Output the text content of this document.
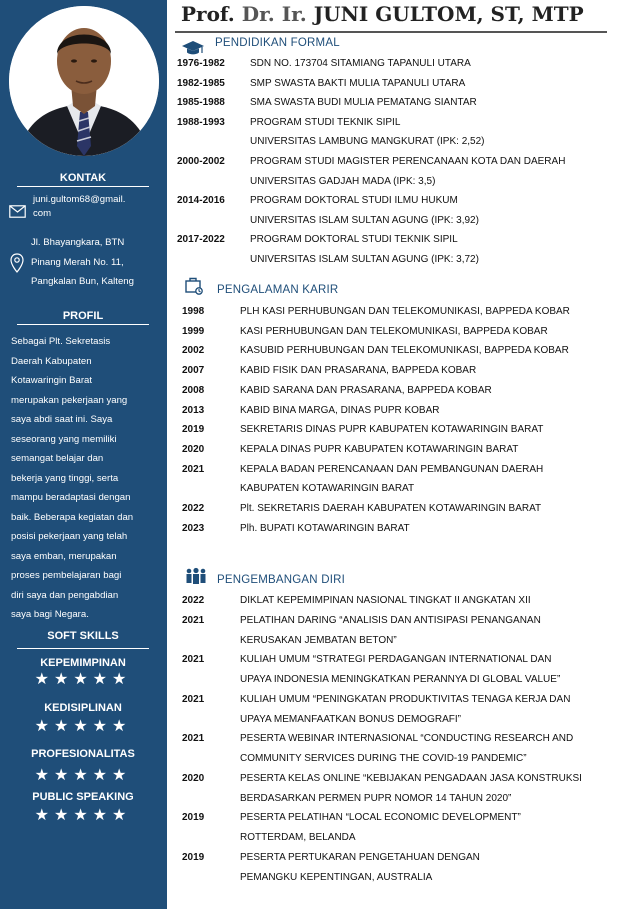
KONTAK
juni.gultom68@gmail.
com
Jl. Bhayangkara, BTN
Pinang Merah No. 11,
Pangkalan Bun, Kalteng
PROFIL
Sebagai Plt. Sekretasis
Daerah Kabupaten
Kotawaringin Barat
merupakan pekerjaan yang
saya abdi saat ini. Saya
seseorang yang memiliki
semangat belajar dan
bekerja yang tinggi, serta
mampu beradaptasi dengan
baik. Beberapa kegiatan dan
posisi pekerjaan yang telah
saya emban, merupakan
proses pembelajaran bagi
diri saya dan pengabdian
saya bagi Negara.
SOFT SKILLS
KEPEMIMPINAN
★★★★★
KEDISIPLINAN
★★★★★
PROFESIONALITAS
★★★★★
PUBLIC SPEAKING
★★★★★
Prof. Dr. Ir. JUNI GULTOM, ST, MTP
PENDIDIKAN FORMAL
1976-1982	SDN NO. 173704 SITAMIANG TAPANULI UTARA
1982-1985	SMP SWASTA BAKTI MULIA TAPANULI UTARA
1985-1988	SMA SWASTA BUDI MULIA PEMATANG SIANTAR
1988-1993	PROGRAM STUDI TEKNIK SIPIL
UNIVERSITAS LAMBUNG MANGKURAT (IPK: 2,52)
2000-2002	PROGRAM STUDI MAGISTER PERENCANAAN KOTA DAN DAERAH
UNIVERSITAS GADJAH MADA (IPK: 3,5)
2014-2016	PROGRAM DOKTORAL STUDI ILMU HUKUM
UNIVERSITAS ISLAM SULTAN AGUNG (IPK: 3,92)
2017-2022	PROGRAM DOKTORAL STUDI TEKNIK SIPIL
UNIVERSITAS ISLAM SULTAN AGUNG (IPK: 3,72)
PENGALAMAN KARIR
1998	PLH KASI PERHUBUNGAN DAN TELEKOMUNIKASI, BAPPEDA KOBAR
1999	KASI PERHUBUNGAN DAN TELEKOMUNIKASI, BAPPEDA KOBAR
2002	KASUBID PERHUBUNGAN DAN TELEKOMUNIKASI, BAPPEDA KOBAR
2007	KABID FISIK DAN PRASARANA, BAPPEDA KOBAR
2008	KABID SARANA DAN PRASARANA, BAPPEDA KOBAR
2013	KABID BINA MARGA, DINAS PUPR KOBAR
2019	SEKRETARIS DINAS PUPR KABUPATEN KOTAWARINGIN BARAT
2020	KEPALA DINAS PUPR KABUPATEN KOTAWARINGIN BARAT
2021	KEPALA BADAN PERENCANAAN DAN PEMBANGUNAN DAERAH
KABUPATEN KOTAWARINGIN BARAT
2022	Plt. SEKRETARIS DAERAH KABUPATEN KOTAWARINGIN BARAT
2023	Plh. BUPATI KOTAWARINGIN BARAT
PENGEMBANGAN DIRI
2022	DIKLAT KEPEMIMPINAN NASIONAL TINGKAT II ANGKATAN XII
2021	PELATIHAN DARING “ANALISIS DAN ANTISIPASI PENANGANAN
KERUSAKAN JEMBATAN BETON”
2021	KULIAH UMUM “STRATEGI PERDAGANGAN INTERNATIONAL DAN
UPAYA INDONESIA MENINGKATKAN PERANNYA DI GLOBAL VALUE”
2021	KULIAH UMUM “PENINGKATAN PRODUKTIVITAS TENAGA KERJA DAN
UPAYA MEMANFAATKAN BONUS DEMOGRAFI”
2021	PESERTA WEBINAR INTERNASIONAL “CONDUCTING RESEARCH AND
COMMUNITY SERVICES DURING THE COVID-19 PANDEMIC”
2020	PESERTA KELAS ONLINE “KEBIJAKAN PENGADAAN JASA KONSTRUKSI
BERDASARKAN PERMEN PUPR NOMOR 14 TAHUN 2020”
2019	PESERTA PELATIHAN “LOCAL ECONOMIC DEVELOPMENT”
ROTTERDAM, BELANDA
2019	PESERTA PERTUKARAN PENGETAHUAN DENGAN
PEMANGKU KEPENTINGAN, AUSTRALIA
